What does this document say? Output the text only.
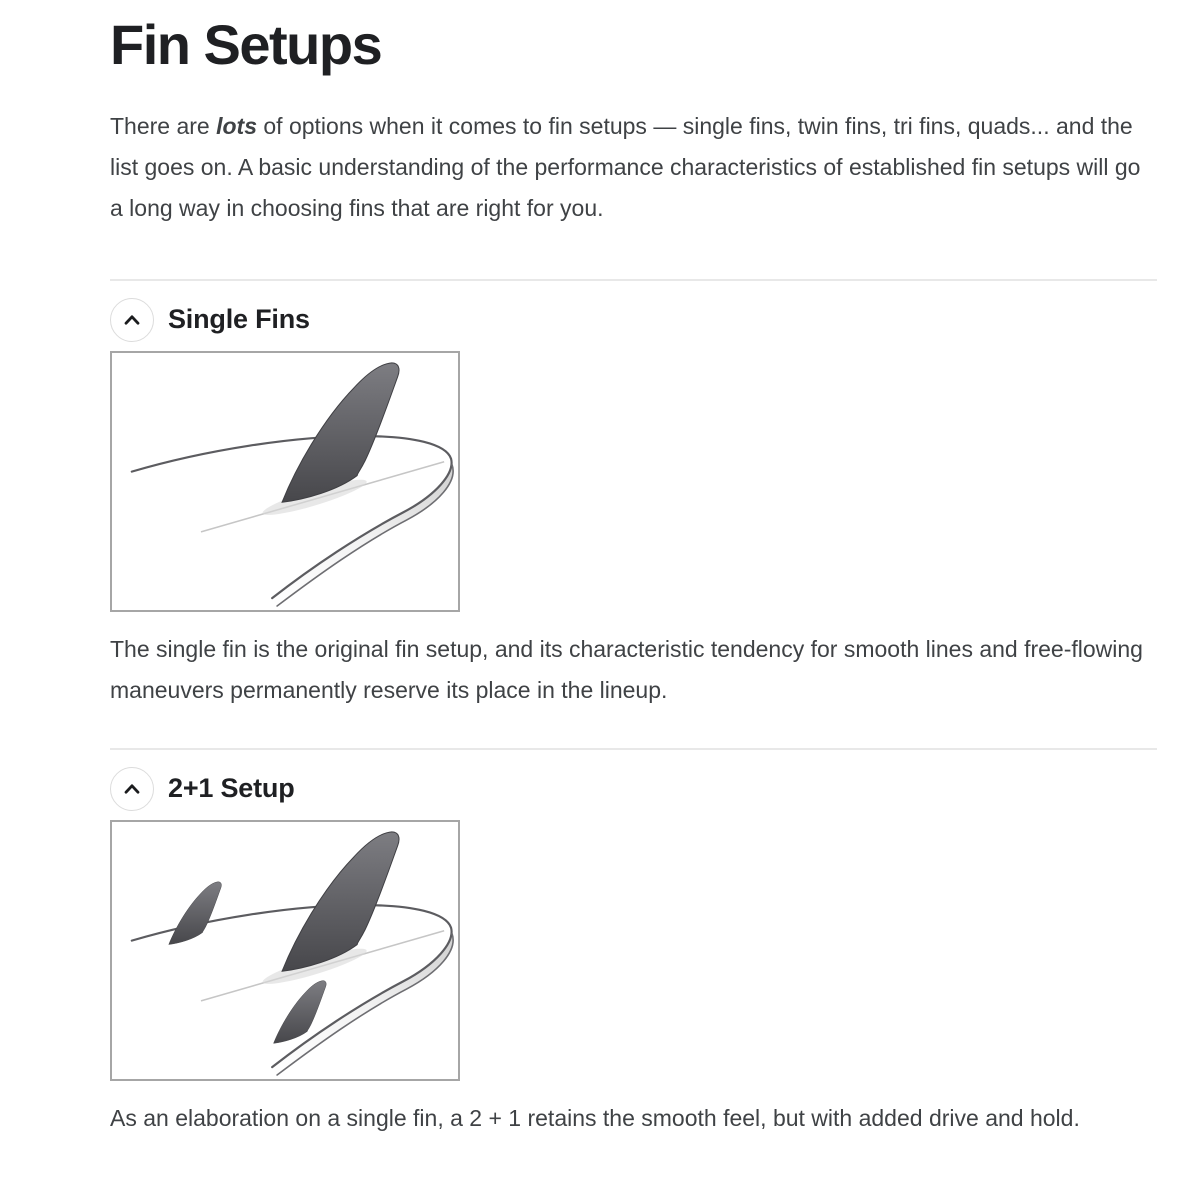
Fin Setups

There are lots of options when it comes to fin setups — single fins, twin fins, tri fins, quads... and the list goes on. A basic understanding of the performance characteristics of established fin setups will go a long way in choosing fins that are right for you.

Single Fins

The single fin is the original fin setup, and its characteristic tendency for smooth lines and free-flowing maneuvers permanently reserve its place in the lineup.

2+1 Setup

As an elaboration on a single fin, a 2 + 1 retains the smooth feel, but with added drive and hold.
